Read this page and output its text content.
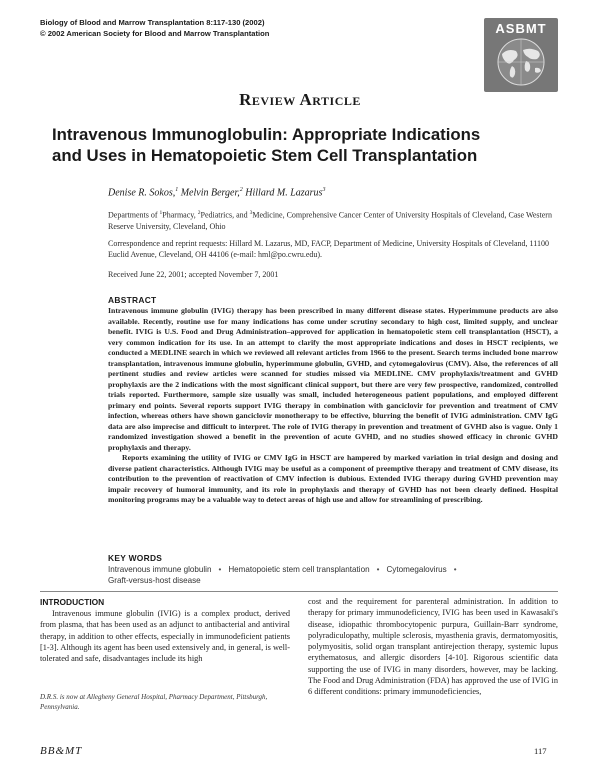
Biology of Blood and Marrow Transplantation 8:117-130 (2002)
© 2002 American Society for Blood and Marrow Transplantation	ASBMT
Review Article
Intravenous Immunoglobulin: Appropriate Indications
and Uses in Hematopoietic Stem Cell Transplantation
Denise R. Sokos,$^1$ Melvin Berger,$^2$ Hillard M. Lazarus$^3$
Departments of $^1$Pharmacy, $^2$Pediatrics, and $^3$Medicine, Comprehensive Cancer Center of University Hospitals of Cleveland, Case Western Reserve University, Cleveland, Ohio
Correspondence and reprint requests: Hillard M. Lazarus, MD, FACP, Department of Medicine, University Hospitals of Cleveland, 11100 Euclid Avenue, Cleveland, OH 44106 (e-mail: hml@po.cwru.edu).
Received June 22, 2001; accepted November 7, 2001
ABSTRACT

Intravenous immune globulin (IVIG) therapy has been prescribed in many different disease states. Hyperimmune products are also available. Recently, routine use for many indications has come under scrutiny secondary to high cost, limited supply, and unclear benefit. IVIG is U.S. Food and Drug Administration–approved for application in hematopoietic stem cell transplantation (HSCT), a very common indication for its use. In an attempt to clarify the most appropriate indications and doses in HSCT recipients, we conducted a MEDLINE search in which we reviewed all relevant articles from 1966 to the present. Search terms included bone marrow transplantation, intravenous immune globulin, hyperimmune globulin, GVHD, and cytomegalovirus (CMV). Also, the references of all pertinent studies and review articles were scanned for studies missed via MEDLINE. CMV prophylaxis/treatment and GVHD prophylaxis are the 2 indications with the most significant clinical support, but there are very few prospective, randomized, controlled trials reported. Furthermore, sample size usually was small, included heterogeneous patient populations, and employed different primary end points. Several reports support IVIG therapy in combination with ganciclovir for prevention and treatment of CMV infection, whereas others have shown ganciclovir monotherapy to be effective, blurring the benefit of IVIG administration. CMV IgG data are also imprecise and difficult to interpret. The role of IVIG therapy in prevention and treatment of GVHD also is vague. Only 1 randomized investigation showed a benefit in the prevention of acute GVHD, and no studies showed efficacy in chronic GVHD prophylaxis and therapy.

Reports examining the utility of IVIG or CMV IgG in HSCT are hampered by marked variation in trial design and dosing and diverse patient characteristics. Although IVIG may be useful as a component of preemptive therapy and treatment of CMV disease, its contribution to the prevention of reactivation of CMV infection is dubious. Extended IVIG therapy during GVHD prevention may impair recovery of humoral immunity, and its role in prophylaxis and therapy of GVHD has not been clearly defined. Hospital monitoring programs may be a valuable way to detect areas of high use and allow for streamlining of prescribing.

KEY WORDS
Intravenous immune globulin • Hematopoietic stem cell transplantation • Cytomegalovirus •
Graft-versus-host disease
INTRODUCTION

Intravenous immune globulin (IVIG) is a complex product, derived from plasma, that has been used as an adjunct to antibacterial and antiviral therapy, in addition to other effects, especially in immunodeficient patients [1-3]. Although its agent has been used extensively and, in general, is well-tolerated and safe, disadvantages include its high

cost and the requirement for parenteral administration. In addition to therapy for primary immunodeficiency, IVIG has been used in Kawasaki's disease, idiopathic thrombocytopenic purpura, Guillain-Barr syndrome, polyradiculopathy, multiple sclerosis, myasthenia gravis, dermatomyositis, polymyositis, solid organ transplant antirejection therapy, systemic lupus erythematosus, and allergic disorders [4-10]. Rigorous scientific data supporting the use of IVIG in many disorders, however, may be lacking. The Food and Drug Administration (FDA) has approved the use of IVIG in 6 different conditions: primary immunodeficiencies,

D.R.S. is now at Allegheny General Hospital, Pharmacy Department, Pittsburgh, Pennsylvania.
BB&MT	117
